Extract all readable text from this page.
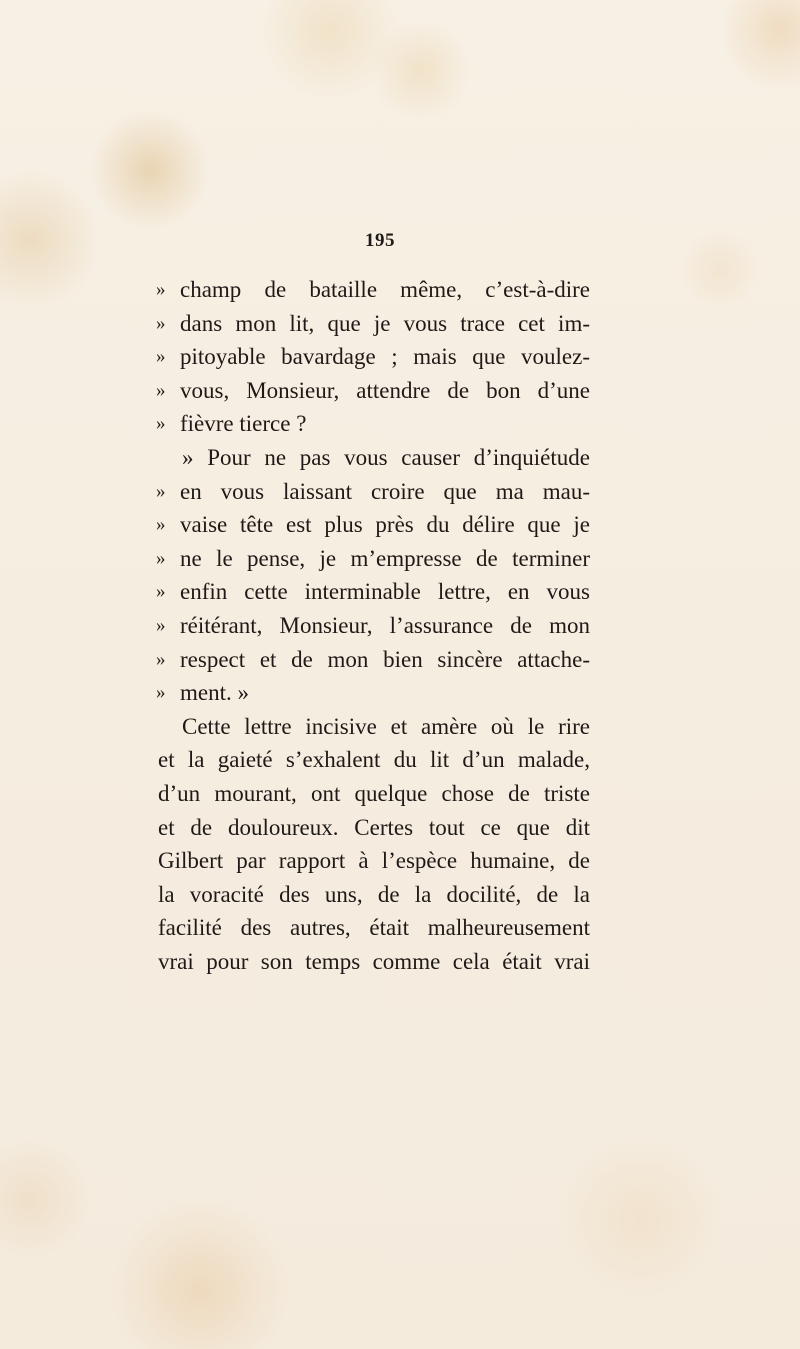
195
» champ de bataille même, c’est-à-dire
» dans mon lit, que je vous trace cet im-
» pitoyable bavardage ; mais que voulez-
» vous, Monsieur, attendre de bon d’une
» fièvre tierce ?
» Pour ne pas vous causer d’inquiétude
» en vous laissant croire que ma mau-
» vaise tête est plus près du délire que je
» ne le pense, je m’empresse de terminer
» enfin cette interminable lettre, en vous
» réitérant, Monsieur, l’assurance de mon
» respect et de mon bien sincère attache-
» ment. »
Cette lettre incisive et amère où le rire
et la gaieté s’exhalent du lit d’un malade,
d’un mourant, ont quelque chose de triste
et de douloureux. Certes tout ce que dit
Gilbert par rapport à l’espèce humaine, de
la voracité des uns, de la docilité, de la
facilité des autres, était malheureusement
vrai pour son temps comme cela était vrai
